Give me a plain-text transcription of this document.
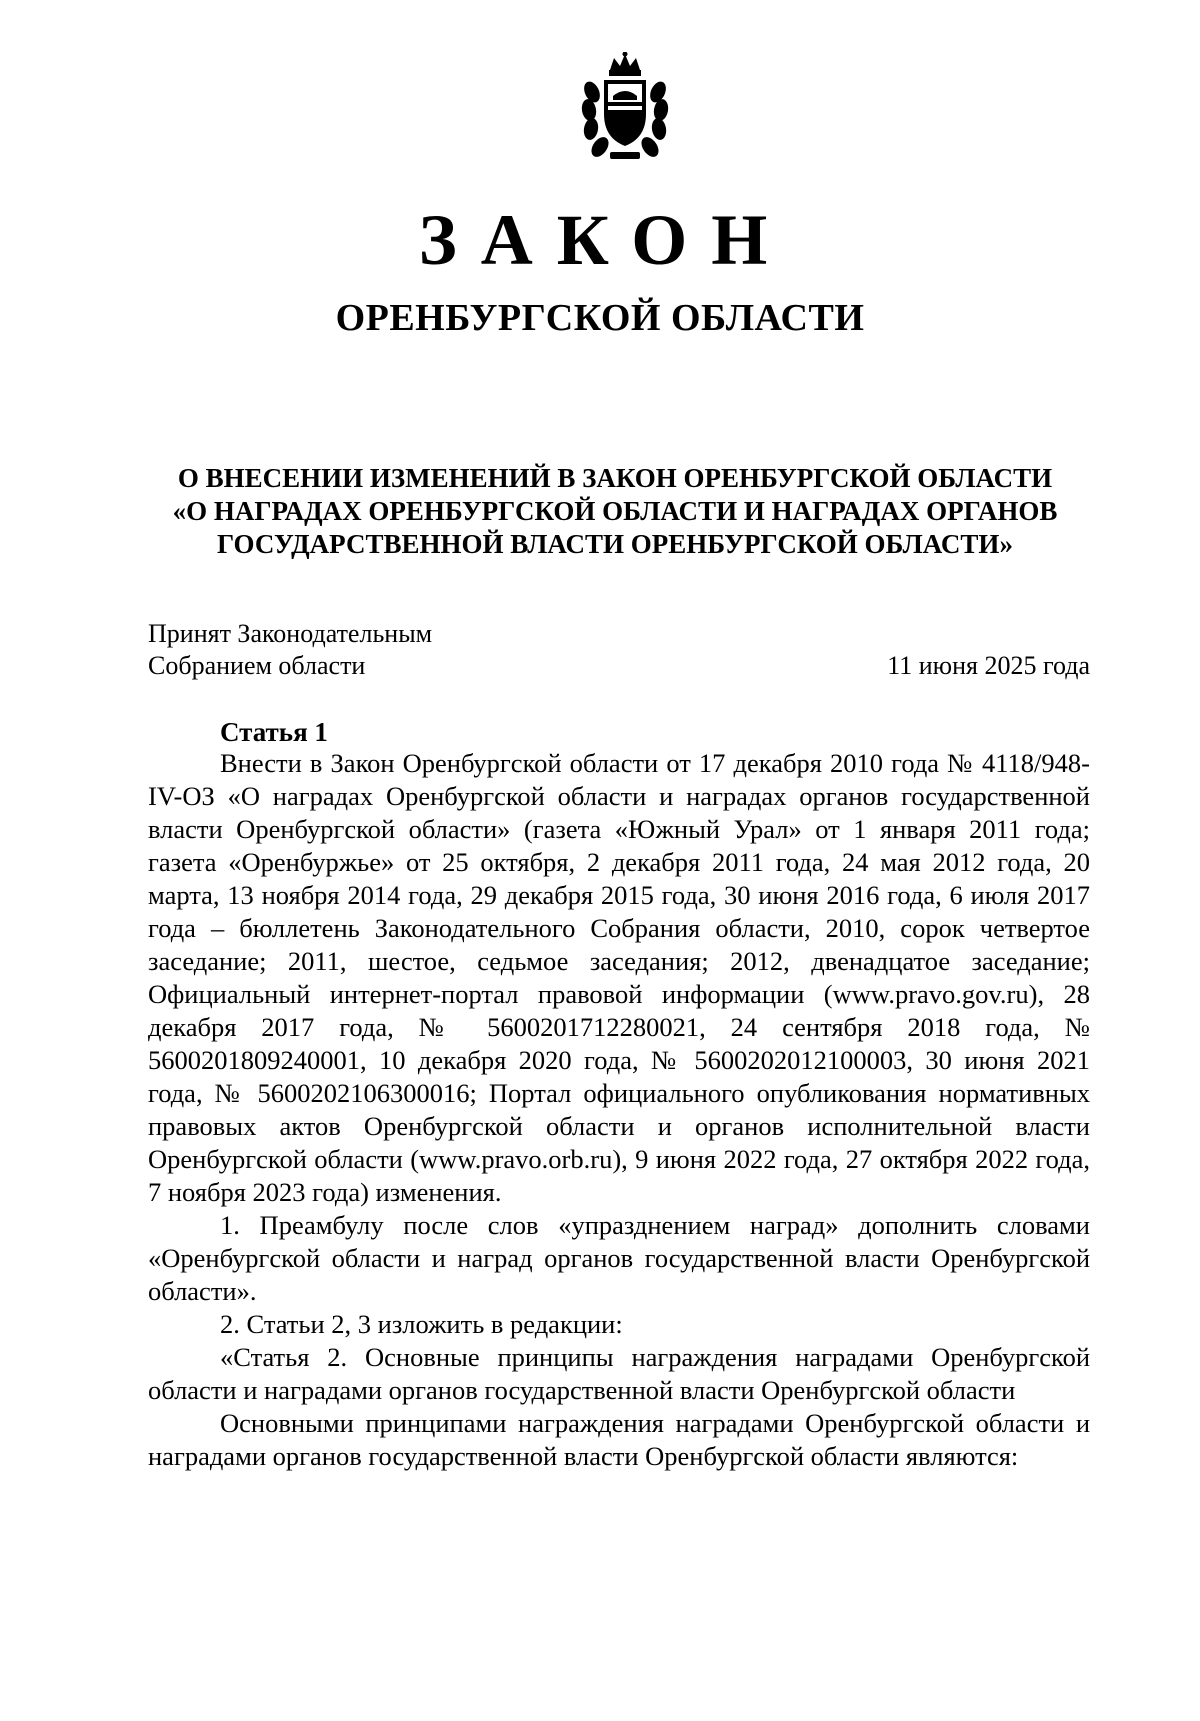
ЗАКОН
ОРЕНБУРГСКОЙ ОБЛАСТИ
О ВНЕСЕНИИ ИЗМЕНЕНИЙ В ЗАКОН ОРЕНБУРГСКОЙ ОБЛАСТИ
«О НАГРАДАХ ОРЕНБУРГСКОЙ ОБЛАСТИ И НАГРАДАХ ОРГАНОВ
ГОСУДАРСТВЕННОЙ ВЛАСТИ ОРЕНБУРГСКОЙ ОБЛАСТИ»
Принят Законодательным
Собранием области	11 июня 2025 года
Статья 1

Внести в Закон Оренбургской области от 17 декабря 2010 года № 4118/948-IV-ОЗ «О наградах Оренбургской области и наградах органов государственной власти Оренбургской области» (газета «Южный Урал» от 1 января 2011 года; газета «Оренбуржье» от 25 октября, 2 декабря 2011 года, 24 мая 2012 года, 20 марта, 13 ноября 2014 года, 29 декабря 2015 года, 30 июня 2016 года, 6 июля 2017 года – бюллетень Законодательного Собрания области, 2010, сорок четвертое заседание; 2011, шестое, седьмое заседания; 2012, двенадцатое заседание; Официальный интернет-портал правовой информации (www.pravo.gov.ru), 28 декабря 2017 года, № 5600201712280021, 24 сентября 2018 года, № 5600201809240001, 10 декабря 2020 года, № 5600202012100003, 30 июня 2021 года, № 5600202106300016; Портал официального опубликования нормативных правовых актов Оренбургской области и органов исполнительной власти Оренбургской области (www.pravo.orb.ru), 9 июня 2022 года, 27 октября 2022 года, 7 ноября 2023 года) изменения.

1. Преамбулу после слов «упразднением наград» дополнить словами «Оренбургской области и наград органов государственной власти Оренбургской области».

2. Статьи 2, 3 изложить в редакции:

«Статья 2. Основные принципы награждения наградами Оренбургской области и наградами органов государственной власти Оренбургской области

Основными принципами награждения наградами Оренбургской области и наградами органов государственной власти Оренбургской области являются:
